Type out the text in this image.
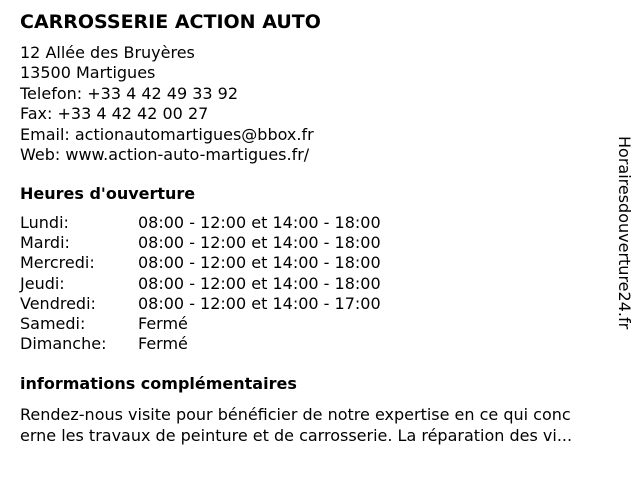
CARROSSERIE ACTION AUTO
12 Allée des Bruyères
13500 Martigues
Telefon: +33 4 42 49 33 92
Fax: +33 4 42 42 00 27
Email: actionautomartigues@bbox.fr
Web: www.action-auto-martigues.fr/
Heures d'ouverture
Lundi:	08:00 - 12:00 et 14:00 - 18:00
Mardi:	08:00 - 12:00 et 14:00 - 18:00
Mercredi:	08:00 - 12:00 et 14:00 - 18:00
Jeudi:	08:00 - 12:00 et 14:00 - 18:00
Vendredi:	08:00 - 12:00 et 14:00 - 17:00
Samedi:	Fermé
Dimanche:	Fermé
informations complémentaires
Rendez-nous visite pour bénéficier de notre expertise en ce qui conc
erne les travaux de peinture et de carrosserie. La réparation des vi...
Horairesdouverture24.fr
